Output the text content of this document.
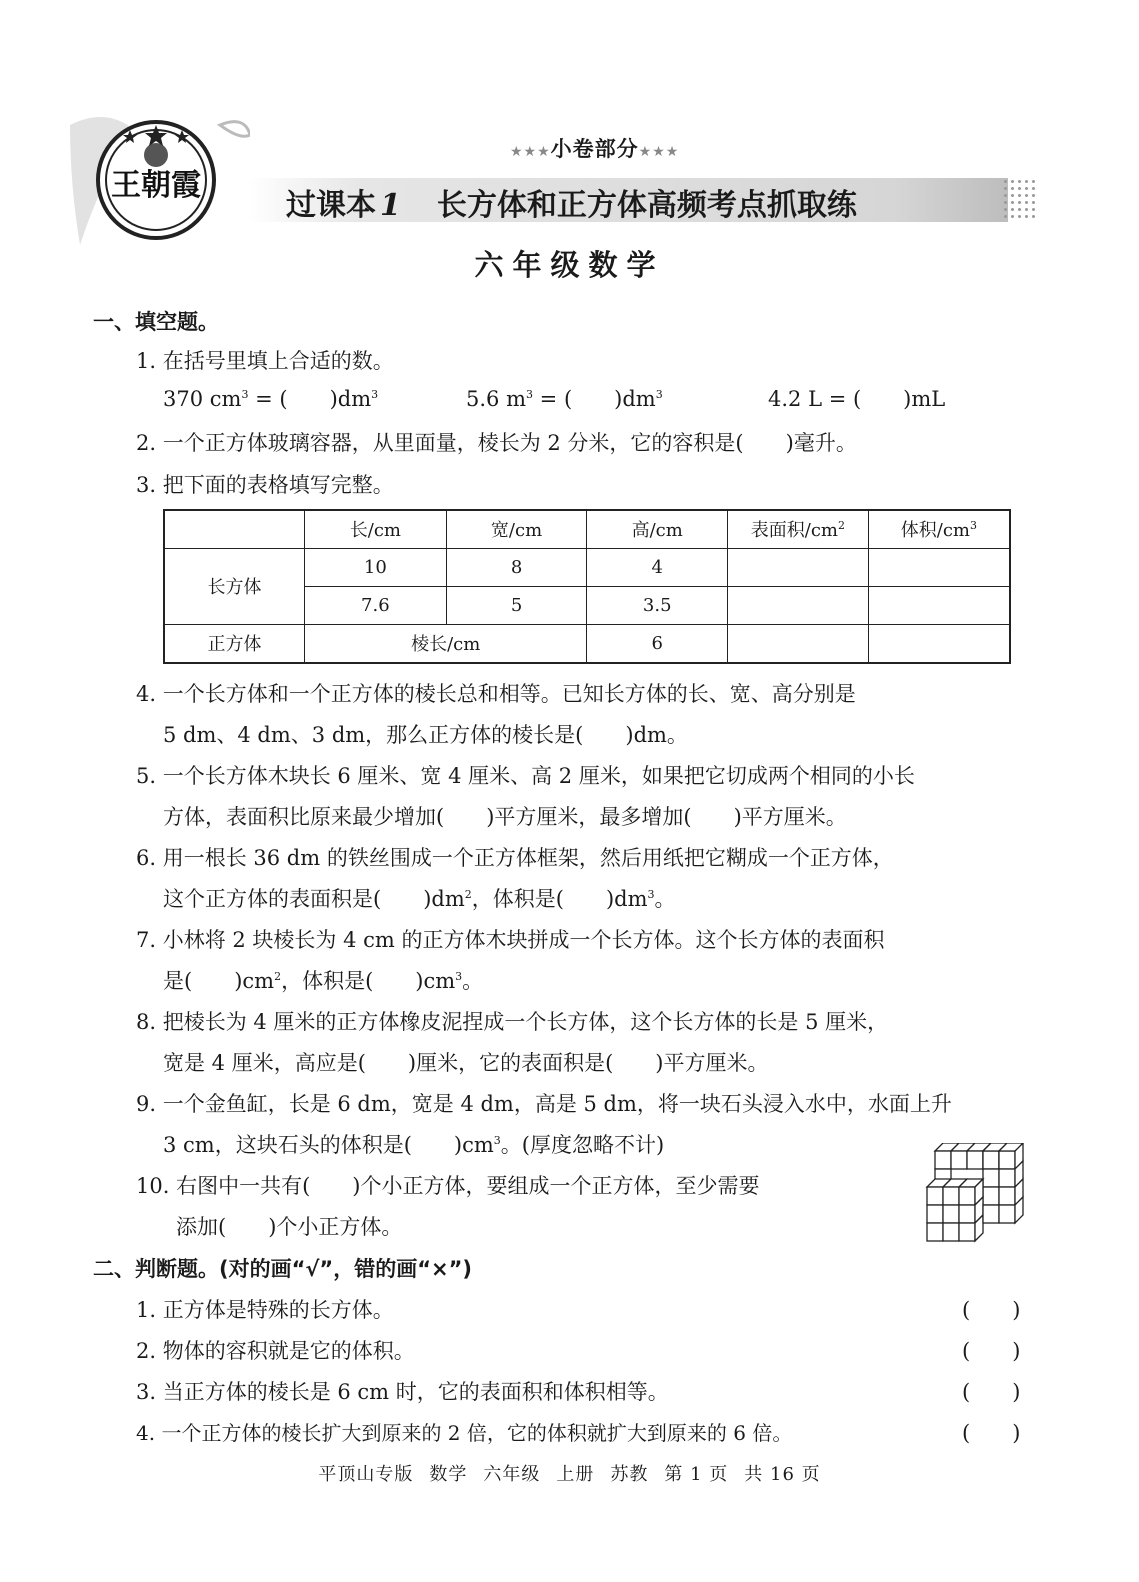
王朝霞
★★★小卷部分★★★
过课本 1 长方体和正方体高频考点抓取练
六年级数学
一、填空题。
1. 在括号里填上合适的数。
370 $cm^3$ = ( )$dm^3$	5.6 $m^3$ = ( )$dm^3$	4.2 L = ( )mL
2. 一个正方体玻璃容器，从里面量，棱长为 2 分米，它的容积是( )毫升。
3. 把下面的表格填写完整。
	长/cm	宽/cm	高/cm	表面积$/cm^2$	体积$/cm^3$
长方体	10	8	4		
	7.6	5	3.5		
正方体	棱长/cm		6		
4. 一个长方体和一个正方体的棱长总和相等。已知长方体的长、宽、高分别是
5 dm、4 dm、3 dm，那么正方体的棱长是( )dm。
5. 一个长方体木块长 6 厘米、宽 4 厘米、高 2 厘米，如果把它切成两个相同的小长
方体，表面积比原来最少增加( )平方厘米，最多增加( )平方厘米。
6. 用一根长 36 dm 的铁丝围成一个正方体框架，然后用纸把它糊成一个正方体，
这个正方体的表面积是( )$dm^2$，体积是( )$dm^3$。
7. 小林将 2 块棱长为 4 cm 的正方体木块拼成一个长方体。这个长方体的表面积
是( )$cm^2$，体积是( )$cm^3$。
8. 把棱长为 4 厘米的正方体橡皮泥捏成一个长方体，这个长方体的长是 5 厘米，
宽是 4 厘米，高应是( )厘米，它的表面积是( )平方厘米。
9. 一个金鱼缸，长是 6 dm，宽是 4 dm，高是 5 dm，将一块石头浸入水中，水面上升
3 cm，这块石头的体积是( )$cm^3$。(厚度忽略不计)
10. 右图中一共有( )个小正方体，要组成一个正方体，至少需要
添加( )个小正方体。
二、判断题。(对的画“√”，错的画“×”)
1. 正方体是特殊的长方体。	(　　)
2. 物体的容积就是它的体积。	(　　)
3. 当正方体的棱长是 6 cm 时，它的表面积和体积相等。	(　　)
4. 一个正方体的棱长扩大到原来的 2 倍，它的体积就扩大到原来的 6 倍。	(　　)
平顶山专版 数学 六年级 上册 苏教 第 1 页 共 16 页
